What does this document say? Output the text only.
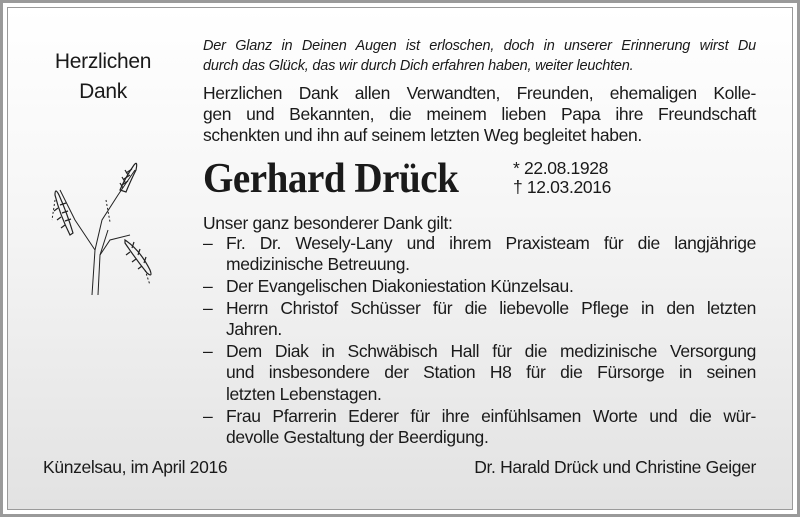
Herzlichen
Dank
Der Glanz in Deinen Augen ist erloschen, doch in unserer Erinnerung wirst Du
durch das Glück, das wir durch Dich erfahren haben, weiter leuchten.
Herzlichen Dank allen Verwandten, Freunden, ehemaligen Kolle-
gen und Bekannten, die meinem lieben Papa ihre Freundschaft
schenkten und ihn auf seinem letzten Weg begleitet haben.
Gerhard Drück	* 22.08.1928
† 12.03.2016
Unser ganz besonderer Dank gilt:
– Fr. Dr. Wesely-Lany und ihrem Praxisteam für die langjährige
medizinische Betreuung.
– Der Evangelischen Diakoniestation Künzelsau.
– Herrn Christof Schüsser für die liebevolle Pflege in den letzten
Jahren.
– Dem Diak in Schwäbisch Hall für die medizinische Versorgung
und insbesondere der Station H8 für die Fürsorge in seinen
letzten Lebenstagen.
– Frau Pfarrerin Ederer für ihre einfühlsamen Worte und die wür-
devolle Gestaltung der Beerdigung.
Künzelsau, im April 2016	Dr. Harald Drück und Christine Geiger
